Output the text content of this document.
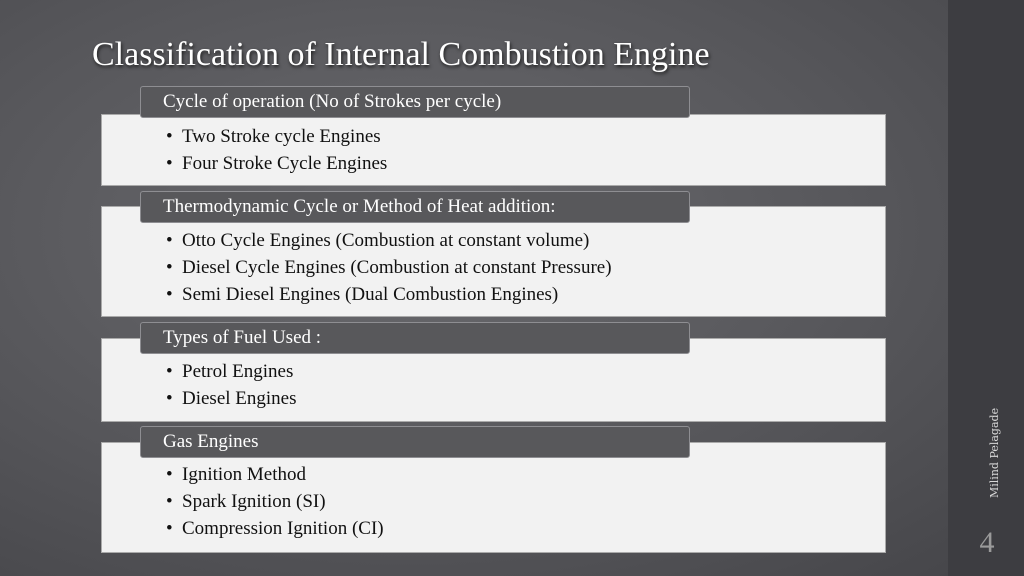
Milind Pelagade
4
Classification of Internal Combustion Engine
• Two Stroke cycle Engines
• Four Stroke Cycle Engines
Cycle of operation (No of Strokes per cycle)
• Otto Cycle Engines (Combustion at constant volume)
• Diesel Cycle Engines (Combustion at constant Pressure)
• Semi Diesel Engines (Dual Combustion Engines)
Thermodynamic Cycle or Method of Heat addition:
• Petrol Engines
• Diesel Engines
Types of Fuel Used :
• Ignition Method
• Spark Ignition (SI)
• Compression Ignition (CI)
Gas Engines
